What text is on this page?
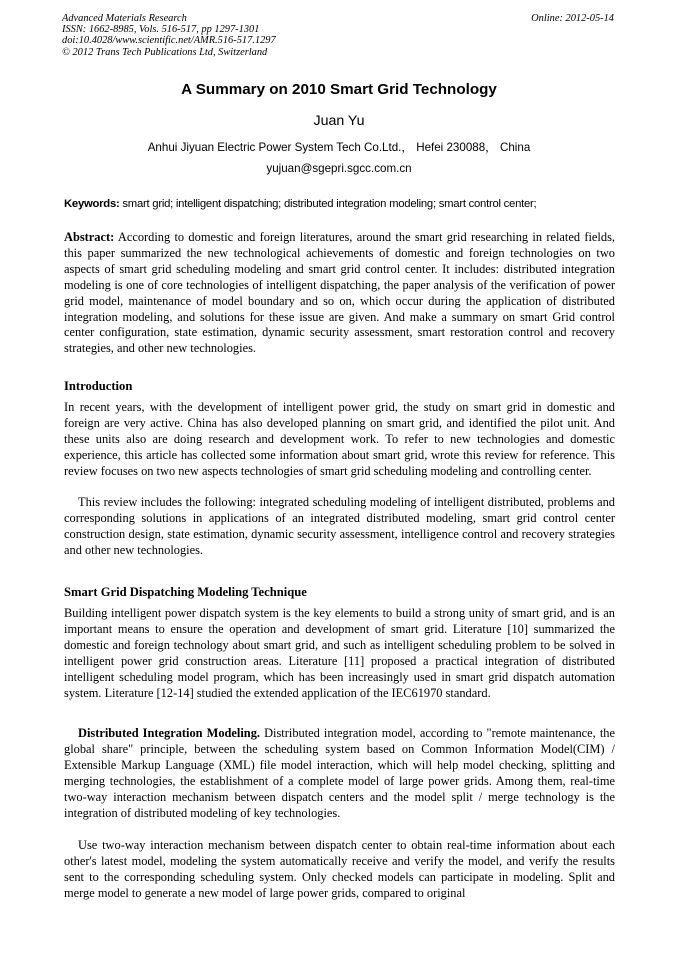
Advanced Materials Research
ISSN: 1662-8985, Vols. 516-517, pp 1297-1301
doi:10.4028/www.scientific.net/AMR.516-517.1297
© 2012 Trans Tech Publications Ltd, Switzerland
Online: 2012-05-14
A Summary on 2010 Smart Grid Technology
Juan Yu
Anhui Jiyuan Electric Power System Tech Co.Ltd.， Hefei 230088， China
yujuan@sgepri.sgcc.com.cn
Keywords: smart grid; intelligent dispatching; distributed integration modeling; smart control center;
Abstract: According to domestic and foreign literatures, around the smart grid researching in related fields, this paper summarized the new technological achievements of domestic and foreign technologies on two aspects of smart grid scheduling modeling and smart grid control center. It includes: distributed integration modeling is one of core technologies of intelligent dispatching, the paper analysis of the verification of power grid model, maintenance of model boundary and so on, which occur during the application of distributed integration modeling, and solutions for these issue are given. And make a summary on smart Grid control center configuration, state estimation, dynamic security assessment, smart restoration control and recovery strategies, and other new technologies.
Introduction
In recent years, with the development of intelligent power grid, the study on smart grid in domestic and foreign are very active. China has also developed planning on smart grid, and identified the pilot unit. And these units also are doing research and development work. To refer to new technologies and domestic experience, this article has collected some information about smart grid, wrote this review for reference. This review focuses on two new aspects technologies of smart grid scheduling modeling and controlling center.
This review includes the following: integrated scheduling modeling of intelligent distributed, problems and corresponding solutions in applications of an integrated distributed modeling, smart grid control center construction design, state estimation, dynamic security assessment, intelligence control and recovery strategies and other new technologies.
Smart Grid Dispatching Modeling Technique
Building intelligent power dispatch system is the key elements to build a strong unity of smart grid, and is an important means to ensure the operation and development of smart grid. Literature [10] summarized the domestic and foreign technology about smart grid, and such as intelligent scheduling problem to be solved in intelligent power grid construction areas. Literature [11] proposed a practical integration of distributed intelligent scheduling model program, which has been increasingly used in smart grid dispatch automation system. Literature [12-14] studied the extended application of the IEC61970 standard.
Distributed Integration Modeling. Distributed integration model, according to "remote maintenance, the global share" principle, between the scheduling system based on Common Information Model(CIM) / Extensible Markup Language (XML) file model interaction, which will help model checking, splitting and merging technologies, the establishment of a complete model of large power grids. Among them, real-time two-way interaction mechanism between dispatch centers and the model split / merge technology is the integration of distributed modeling of key technologies.
Use two-way interaction mechanism between dispatch center to obtain real-time information about each other's latest model, modeling the system automatically receive and verify the model, and verify the results sent to the corresponding scheduling system. Only checked models can participate in modeling. Split and merge model to generate a new model of large power grids, compared to original
